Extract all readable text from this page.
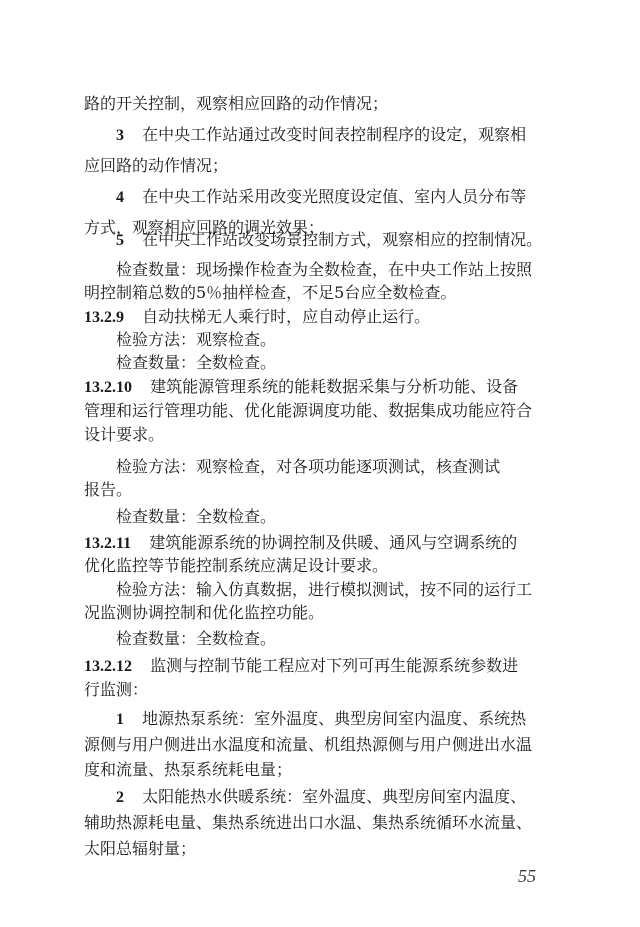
路的开关控制，观察相应回路的动作情况；
3 在中央工作站通过改变时间表控制程序的设定，观察相
应回路的动作情况；
4 在中央工作站采用改变光照度设定值、室内人员分布等
方式，观察相应回路的调光效果；
5 在中央工作站改变场景控制方式，观察相应的控制情况。
检查数量：现场操作检查为全数检查，在中央工作站上按照
明控制箱总数的5％抽样检查，不足5台应全数检查。
13.2.9 自动扶梯无人乘行时，应自动停止运行。
检验方法：观察检查。
检查数量：全数检查。
13.2.10 建筑能源管理系统的能耗数据采集与分析功能、设备
管理和运行管理功能、优化能源调度功能、数据集成功能应符合
设计要求。
检验方法：观察检查，对各项功能逐项测试，核查测试
报告。
检查数量：全数检查。
13.2.11 建筑能源系统的协调控制及供暖、通风与空调系统的
优化监控等节能控制系统应满足设计要求。
检验方法：输入仿真数据，进行模拟测试，按不同的运行工
况监测协调控制和优化监控功能。
检查数量：全数检查。
13.2.12 监测与控制节能工程应对下列可再生能源系统参数进
行监测：
1 地源热泵系统：室外温度、典型房间室内温度、系统热
源侧与用户侧进出水温度和流量、机组热源侧与用户侧进出水温
度和流量、热泵系统耗电量；
2 太阳能热水供暖系统：室外温度、典型房间室内温度、
辅助热源耗电量、集热系统进出口水温、集热系统循环水流量、
太阳总辐射量；
55
